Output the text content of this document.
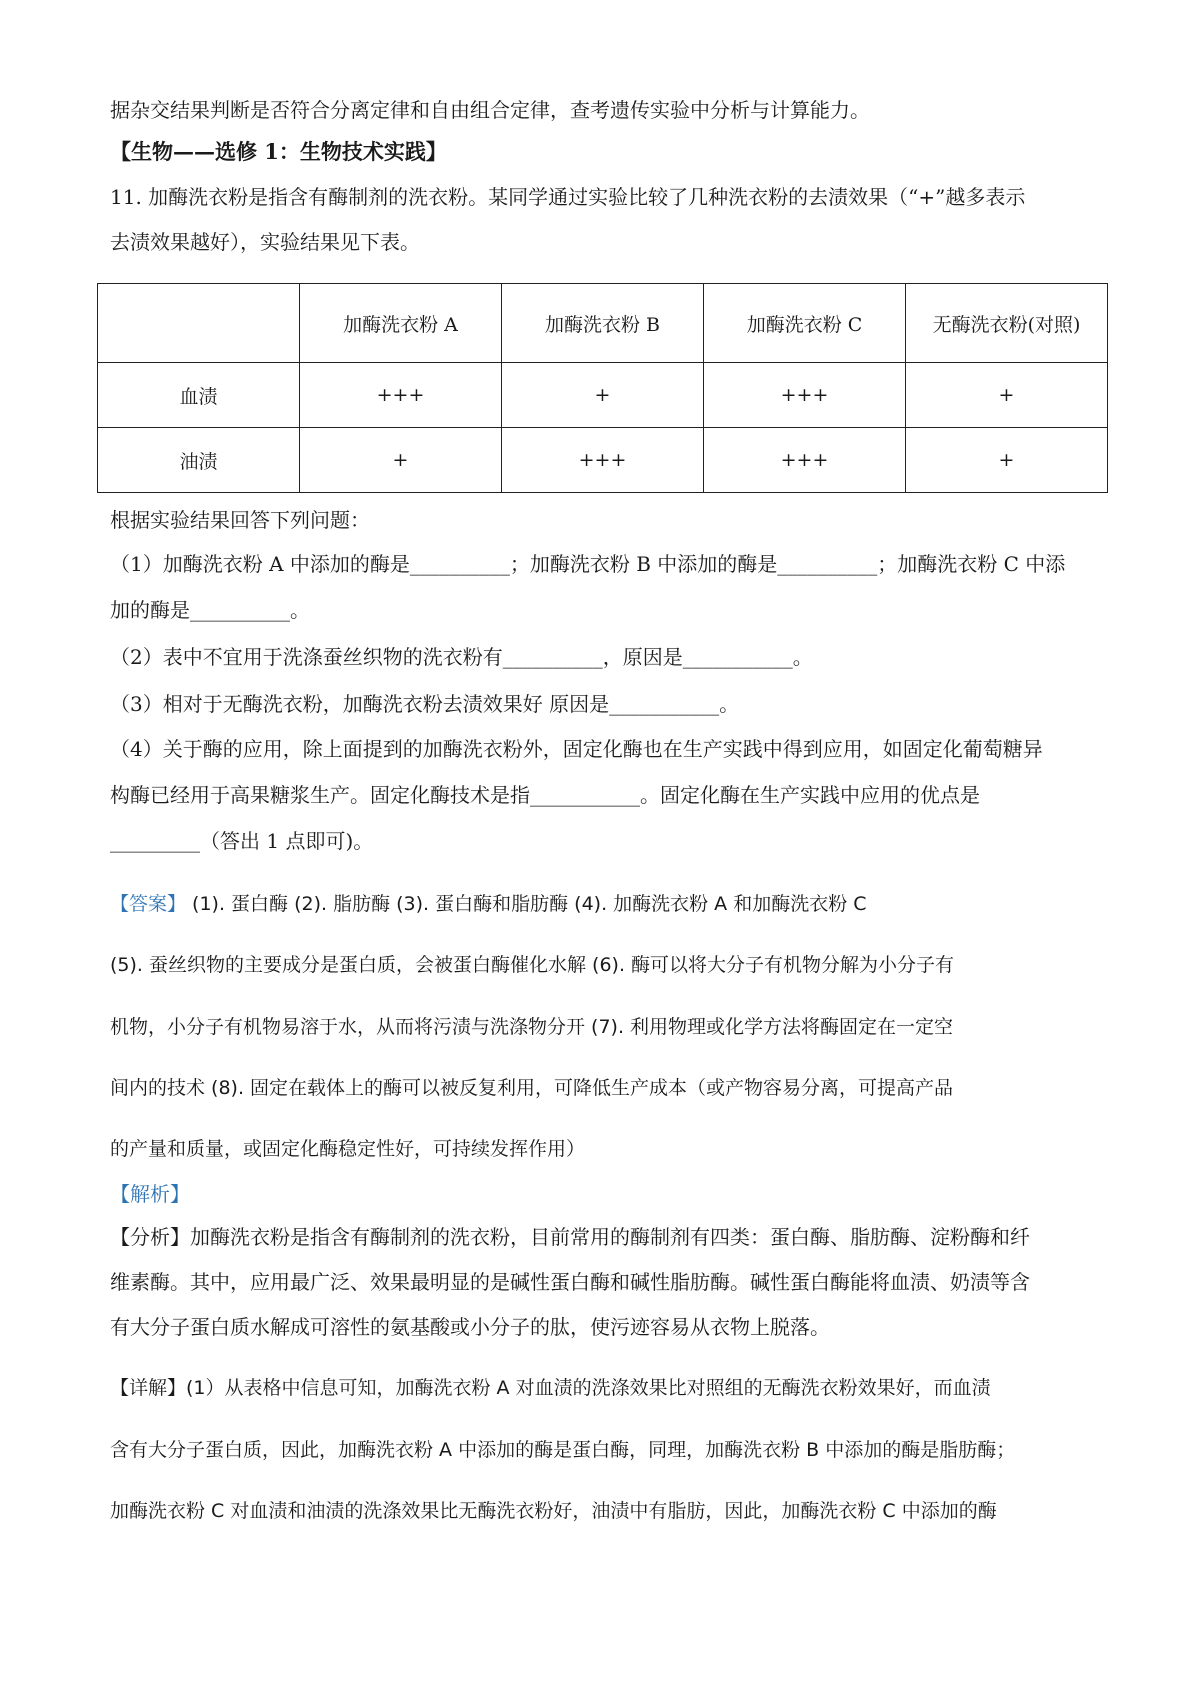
据杂交结果判断是否符合分离定律和自由组合定律，查考遗传实验中分析与计算能力。
【生物——选修 1：生物技术实践】
11. 加酶洗衣粉是指含有酶制剂的洗衣粉。某同学通过实验比较了几种洗衣粉的去渍效果（“+”越多表示
去渍效果越好），实验结果见下表。
	加酶洗衣粉 A	加酶洗衣粉 B	加酶洗衣粉 C	无酶洗衣粉(对照)
血渍	+++	+	+++	+
油渍	+	+++	+++	+
根据实验结果回答下列问题：
（1）加酶洗衣粉 A 中添加的酶是__________；加酶洗衣粉 B 中添加的酶是__________；加酶洗衣粉 C 中添
加的酶是__________。
（2）表中不宜用于洗涤蚕丝织物的洗衣粉有__________，原因是___________。
（3）相对于无酶洗衣粉，加酶洗衣粉去渍效果好 原因是___________。
（4）关于酶的应用，除上面提到的加酶洗衣粉外，固定化酶也在生产实践中得到应用，如固定化葡萄糖异
构酶已经用于高果糖浆生产。固定化酶技术是指___________。固定化酶在生产实践中应用的优点是
_________（答出 1 点即可)。
【答案】 (1). 蛋白酶 (2). 脂肪酶 (3). 蛋白酶和脂肪酶 (4). 加酶洗衣粉 A 和加酶洗衣粉 C
(5). 蚕丝织物的主要成分是蛋白质，会被蛋白酶催化水解 (6). 酶可以将大分子有机物分解为小分子有
机物，小分子有机物易溶于水，从而将污渍与洗涤物分开 (7). 利用物理或化学方法将酶固定在一定空
间内的技术 (8). 固定在载体上的酶可以被反复利用，可降低生产成本（或产物容易分离，可提高产品
的产量和质量，或固定化酶稳定性好，可持续发挥作用）
【解析】
【分析】加酶洗衣粉是指含有酶制剂的洗衣粉，目前常用的酶制剂有四类：蛋白酶、脂肪酶、淀粉酶和纤
维素酶。其中，应用最广泛、效果最明显的是碱性蛋白酶和碱性脂肪酶。碱性蛋白酶能将血渍、奶渍等含
有大分子蛋白质水解成可溶性的氨基酸或小分子的肽，使污迹容易从衣物上脱落。
【详解】(1）从表格中信息可知，加酶洗衣粉 A 对血渍的洗涤效果比对照组的无酶洗衣粉效果好，而血渍
含有大分子蛋白质，因此，加酶洗衣粉 A 中添加的酶是蛋白酶，同理，加酶洗衣粉 B 中添加的酶是脂肪酶；
加酶洗衣粉 C 对血渍和油渍的洗涤效果比无酶洗衣粉好，油渍中有脂肪，因此，加酶洗衣粉 C 中添加的酶
